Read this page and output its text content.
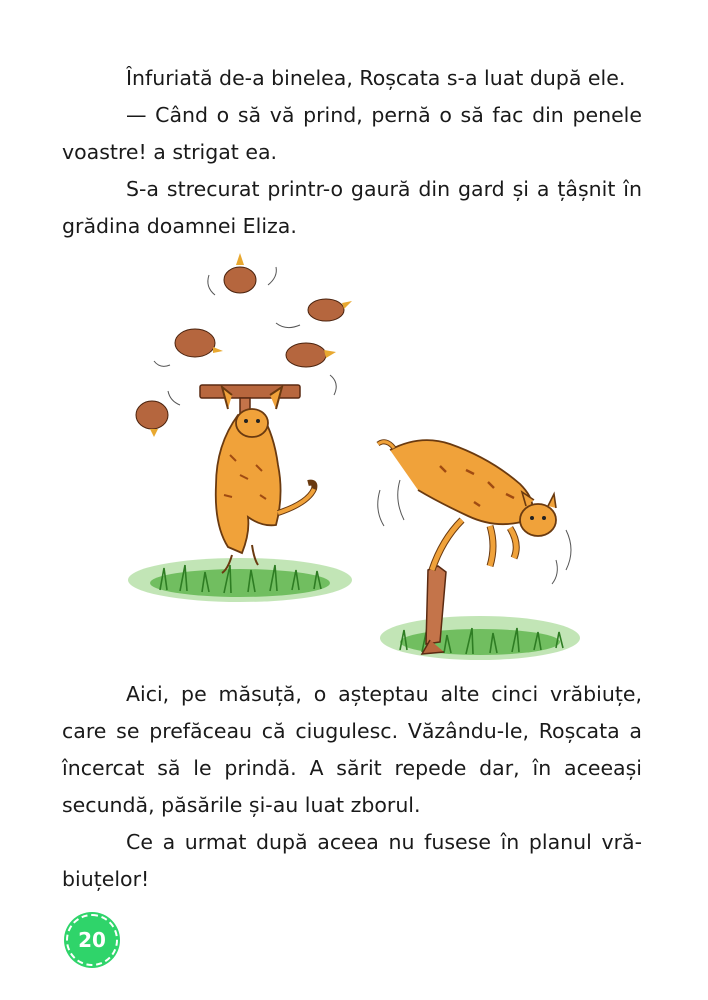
Înfuriată de-a binelea, Roșcata s-a luat după ele.

— Când o să vă prind, pernă o să fac din penele voastre! a strigat ea.

S-a strecurat printr-o gaură din gard și a țâșnit în grădina doamnei Eliza.

Aici, pe măsuță, o așteptau alte cinci vrăbiuțe, care se prefăceau că ciugulesc. Văzându-le, Roșcata a încercat să le prindă. A sărit repede dar, în aceeași secundă, păsările și-au luat zborul.

Ce a urmat după aceea nu fusese în planul vră-biuțelor!

20
